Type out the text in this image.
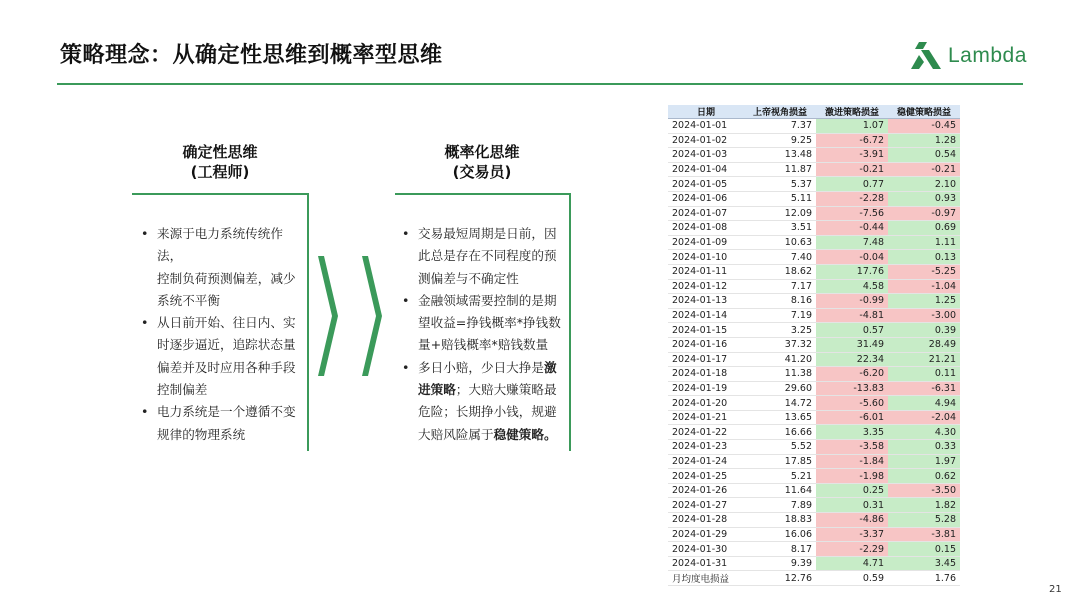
策略理念：从确定性思维到概率型思维	Lambda
确定性思维
(工程师)
• 来源于电力系统传统作法，
控制负荷预测偏差，减少
系统不平衡
• 从日前开始、往日内、实
时逐步逼近，追踪状态量
偏差并及时应用各种手段
控制偏差
• 电力系统是一个遵循不变
规律的物理系统
概率化思维
(交易员)
• 交易最短周期是日前，因
此总是存在不同程度的预
测偏差与不确定性
• 金融领域需要控制的是期
望收益=挣钱概率*挣钱数
量+赔钱概率*赔钱数量
• 多日小赔，少日大挣是激
进策略；大赔大赚策略最
危险；长期挣小钱，规避
大赔风险属于稳健策略。
日期	上帝视角损益	激进策略损益	稳健策略损益
2024-01-01	7.37	1.07	-0.45
2024-01-02	9.25	-6.72	1.28
2024-01-03	13.48	-3.91	0.54
2024-01-04	11.87	-0.21	-0.21
2024-01-05	5.37	0.77	2.10
2024-01-06	5.11	-2.28	0.93
2024-01-07	12.09	-7.56	-0.97
2024-01-08	3.51	-0.44	0.69
2024-01-09	10.63	7.48	1.11
2024-01-10	7.40	-0.04	0.13
2024-01-11	18.62	17.76	-5.25
2024-01-12	7.17	4.58	-1.04
2024-01-13	8.16	-0.99	1.25
2024-01-14	7.19	-4.81	-3.00
2024-01-15	3.25	0.57	0.39
2024-01-16	37.32	31.49	28.49
2024-01-17	41.20	22.34	21.21
2024-01-18	11.38	-6.20	0.11
2024-01-19	29.60	-13.83	-6.31
2024-01-20	14.72	-5.60	4.94
2024-01-21	13.65	-6.01	-2.04
2024-01-22	16.66	3.35	4.30
2024-01-23	5.52	-3.58	0.33
2024-01-24	17.85	-1.84	1.97
2024-01-25	5.21	-1.98	0.62
2024-01-26	11.64	0.25	-3.50
2024-01-27	7.89	0.31	1.82
2024-01-28	18.83	-4.86	5.28
2024-01-29	16.06	-3.37	-3.81
2024-01-30	8.17	-2.29	0.15
2024-01-31	9.39	4.71	3.45
月均度电损益	12.76	0.59	1.76
21
